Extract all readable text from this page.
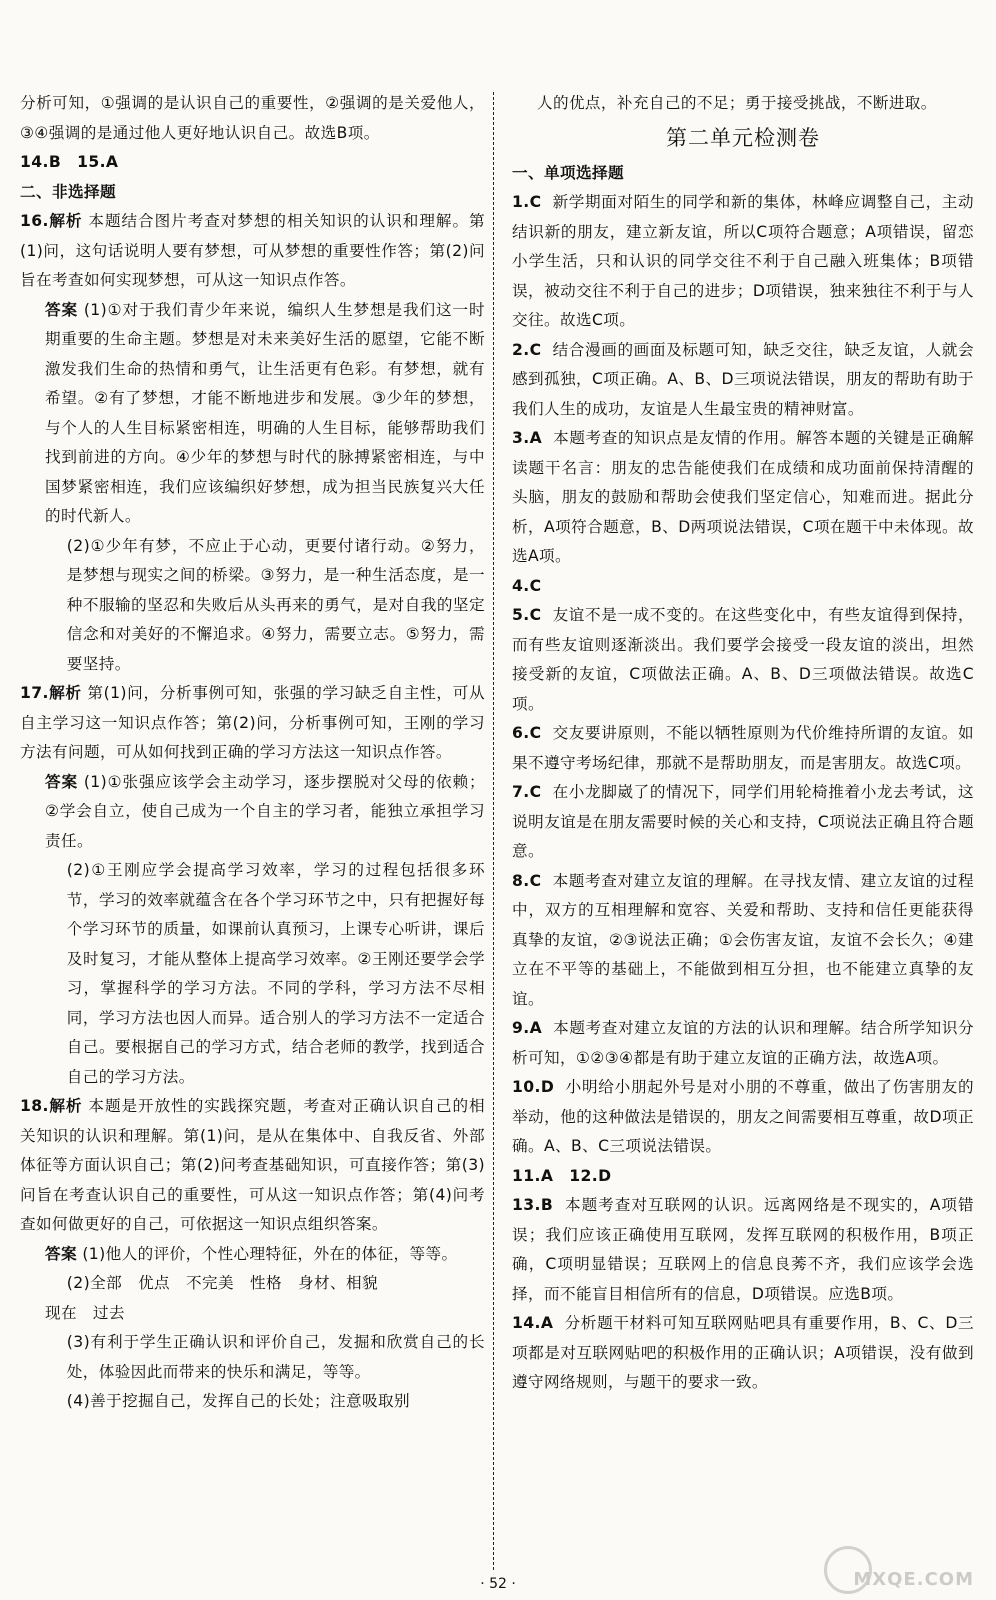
分析可知，①强调的是认识自己的重要性，②强调的是关爱他人，③④强调的是通过他人更好地认识自己。故选B项。

14.B　15.A

二、非选择题

16.解析 本题结合图片考查对梦想的相关知识的认识和理解。第(1)问，这句话说明人要有梦想，可从梦想的重要性作答；第(2)问旨在考查如何实现梦想，可从这一知识点作答。

答案 (1)①对于我们青少年来说，编织人生梦想是我们这一时期重要的生命主题。梦想是对未来美好生活的愿望，它能不断激发我们生命的热情和勇气，让生活更有色彩。有梦想，就有希望。②有了梦想，才能不断地进步和发展。③少年的梦想，与个人的人生目标紧密相连，明确的人生目标，能够帮助我们找到前进的方向。④少年的梦想与时代的脉搏紧密相连，与中国梦紧密相连，我们应该编织好梦想，成为担当民族复兴大任的时代新人。

(2)①少年有梦，不应止于心动，更要付诸行动。②努力，是梦想与现实之间的桥梁。③努力，是一种生活态度，是一种不服输的坚忍和失败后从头再来的勇气，是对自我的坚定信念和对美好的不懈追求。④努力，需要立志。⑤努力，需要坚持。

17.解析 第(1)问，分析事例可知，张强的学习缺乏自主性，可从自主学习这一知识点作答；第(2)问，分析事例可知，王刚的学习方法有问题，可从如何找到正确的学习方法这一知识点作答。

答案 (1)①张强应该学会主动学习，逐步摆脱对父母的依赖；②学会自立，使自己成为一个自主的学习者，能独立承担学习责任。

(2)①王刚应学会提高学习效率，学习的过程包括很多环节，学习的效率就蕴含在各个学习环节之中，只有把握好每个学习环节的质量，如课前认真预习，上课专心听讲，课后及时复习，才能从整体上提高学习效率。②王刚还要学会学习，掌握科学的学习方法。不同的学科，学习方法不尽相同，学习方法也因人而异。适合别人的学习方法不一定适合自己。要根据自己的学习方式，结合老师的教学，找到适合自己的学习方法。

18.解析 本题是开放性的实践探究题，考查对正确认识自己的相关知识的认识和理解。第(1)问，是从在集体中、自我反省、外部体征等方面认识自己；第(2)问考查基础知识，可直接作答；第(3)问旨在考查认识自己的重要性，可从这一知识点作答；第(4)问考查如何做更好的自己，可依据这一知识点组织答案。

答案 (1)他人的评价，个性心理特征，外在的体征，等等。

(2)全部　优点　不完美　性格　身材、相貌

现在　过去

(3)有利于学生正确认识和评价自己，发掘和欣赏自己的长处，体验因此而带来的快乐和满足，等等。

(4)善于挖掘自己，发挥自己的长处；注意吸取别

人的优点，补充自己的不足；勇于接受挑战，不断进取。

第二单元检测卷

一、单项选择题

1.C 新学期面对陌生的同学和新的集体，林峰应调整自己，主动结识新的朋友，建立新友谊，所以C项符合题意；A项错误，留恋小学生活，只和认识的同学交往不利于自己融入班集体；B项错误，被动交往不利于自己的进步；D项错误，独来独往不利于与人交往。故选C项。

2.C 结合漫画的画面及标题可知，缺乏交往，缺乏友谊，人就会感到孤独，C项正确。A、B、D三项说法错误，朋友的帮助有助于我们人生的成功，友谊是人生最宝贵的精神财富。

3.A 本题考查的知识点是友情的作用。解答本题的关键是正确解读题干名言：朋友的忠告能使我们在成绩和成功面前保持清醒的头脑，朋友的鼓励和帮助会使我们坚定信心，知难而进。据此分析，A项符合题意，B、D两项说法错误，C项在题干中未体现。故选A项。

4.C

5.C 友谊不是一成不变的。在这些变化中，有些友谊得到保持，而有些友谊则逐渐淡出。我们要学会接受一段友谊的淡出，坦然接受新的友谊，C项做法正确。A、B、D三项做法错误。故选C项。

6.C 交友要讲原则，不能以牺牲原则为代价维持所谓的友谊。如果不遵守考场纪律，那就不是帮助朋友，而是害朋友。故选C项。

7.C 在小龙脚崴了的情况下，同学们用轮椅推着小龙去考试，这说明友谊是在朋友需要时候的关心和支持，C项说法正确且符合题意。

8.C 本题考查对建立友谊的理解。在寻找友情、建立友谊的过程中，双方的互相理解和宽容、关爱和帮助、支持和信任更能获得真挚的友谊，②③说法正确；①会伤害友谊，友谊不会长久；④建立在不平等的基础上，不能做到相互分担，也不能建立真挚的友谊。

9.A 本题考查对建立友谊的方法的认识和理解。结合所学知识分析可知，①②③④都是有助于建立友谊的正确方法，故选A项。

10.D 小明给小朋起外号是对小朋的不尊重，做出了伤害朋友的举动，他的这种做法是错误的，朋友之间需要相互尊重，故D项正确。A、B、C三项说法错误。

11.A　12.D

13.B 本题考查对互联网的认识。远离网络是不现实的，A项错误；我们应该正确使用互联网，发挥互联网的积极作用，B项正确，C项明显错误；互联网上的信息良莠不齐，我们应该学会选择，而不能盲目相信所有的信息，D项错误。应选B项。

14.A 分析题干材料可知互联网贴吧具有重要作用，B、C、D三项都是对互联网贴吧的积极作用的正确认识；A项错误，没有做到遵守网络规则，与题干的要求一致。

· 52 ·	MXQE.COM
